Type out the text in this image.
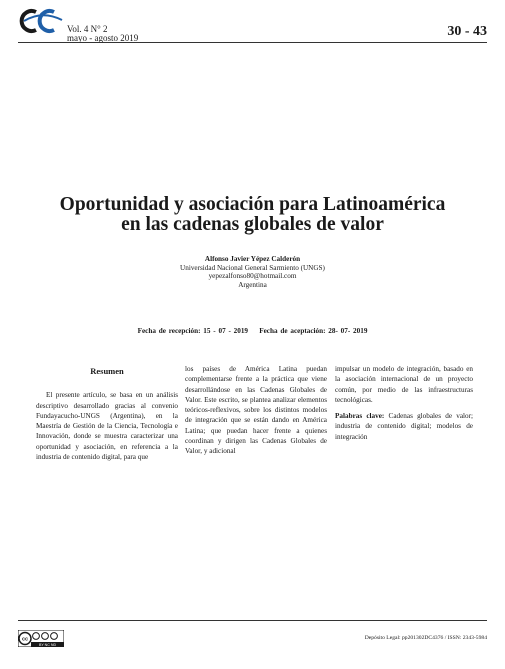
Vol. 4 N° 2
mayo - agosto 2019	30 - 43
Oportunidad y asociación para Latinoamérica
en las cadenas globales de valor
Alfonso Javier Yépez Calderón
Universidad Nacional General Sarmiento (UNGS)
yepezalfonso80@hotmail.com
Argentina
Fecha de recepción: 15 - 07 - 2019    Fecha de aceptación: 28- 07- 2019
Resumen
El presente artículo, se basa en un análisis descriptivo desarrollado gracias al convenio Fundayacucho-UNGS (Argentina), en la Maestría de Gestión de la Ciencia, Tecnología e Innovación, donde se muestra caracterizar una oportunidad y asociación, en referencia a la industria de contenido digital, para que
los países de América Latina puedan complementarse frente a la práctica que viene desarrollándose en las Cadenas Globales de Valor. Este escrito, se plantea analizar elementos teóricos-reflexivos, sobre los distintos modelos de integración que se están dando en América Latina; que puedan hacer frente a quienes coordinan y dirigen las Cadenas Globales de Valor, y adicional
impulsar un modelo de integración, basado en la asociación internacional de un proyecto común, por medio de las infraestructuras tecnológicas.
Palabras clave: Cadenas globales de valor; industria de contenido digital; modelos de integración
cc
BY NC ND
Depósito Legal: pp201302DC4376 / ISSN: 2343-5984
